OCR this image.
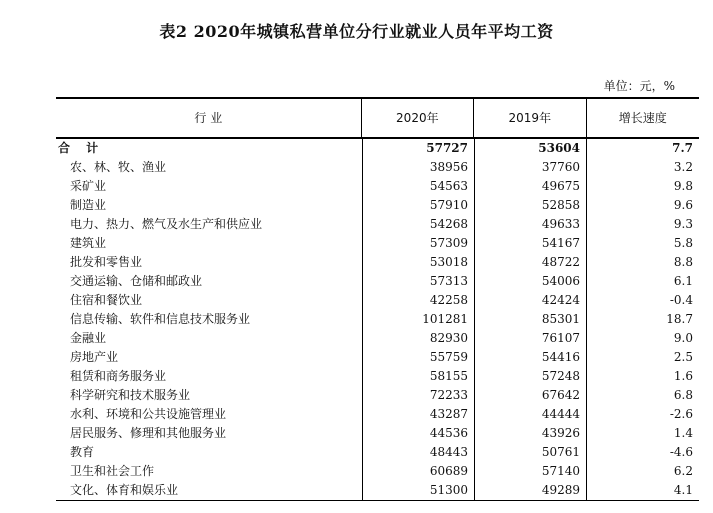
表2 2020年城镇私营单位分行业就业人员年平均工资
单位：元，%
行 业	2020年	2019年	增长速度
合 计	57727	53604	7.7
农、林、牧、渔业	38956	37760	3.2
采矿业	54563	49675	9.8
制造业	57910	52858	9.6
电力、热力、燃气及水生产和供应业	54268	49633	9.3
建筑业	57309	54167	5.8
批发和零售业	53018	48722	8.8
交通运输、仓储和邮政业	57313	54006	6.1
住宿和餐饮业	42258	42424	-0.4
信息传输、软件和信息技术服务业	101281	85301	18.7
金融业	82930	76107	9.0
房地产业	55759	54416	2.5
租赁和商务服务业	58155	57248	1.6
科学研究和技术服务业	72233	67642	6.8
水利、环境和公共设施管理业	43287	44444	-2.6
居民服务、修理和其他服务业	44536	43926	1.4
教育	48443	50761	-4.6
卫生和社会工作	60689	57140	6.2
文化、体育和娱乐业	51300	49289	4.1
